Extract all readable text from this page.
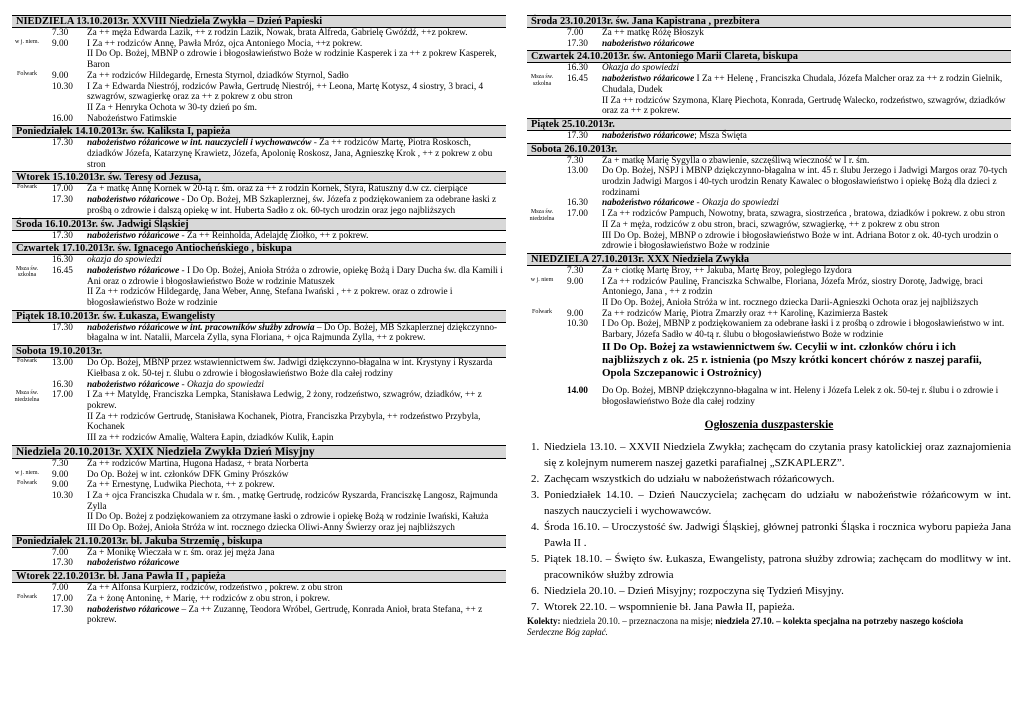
NIEDZIELA 13.10.2013r. XXVIII Niedziela Zwykła – Dzień Papieski
7.30	Za ++ męża Edwarda Lazik, ++ z rodzin Lazik, Nowak, brata Alfreda, Gabrielę Gwóźdź, ++z pokrew.
w j. niem.	9.00	I Za ++ rodziców Annę, Pawła Mróz, ojca Antoniego Mocia, ++z pokrew.
II Do Op. Bożej, MBNP o zdrowie i błogosławieństwo Boże w rodzinie Kasperek i za ++ z pokrew Kasperek, Baron
Folwark	9.00	Za ++ rodziców Hildegardę, Ernesta Styrnol, dziadków Styrnol, Sadło
10.30	I Za + Edwarda Niestrój, rodziców Pawła, Gertrudę Niestrój, ++ Leona, Martę Kotysz, 4 siostry, 3 braci, 4 szwagrów, szwagierkę oraz za ++ z pokrew z obu stron
II Za + Henryka Ochota w 30-ty dzień po śm.
16.00	Nabożeństwo Fatimskie
Poniedziałek 14.10.2013r. św. Kaliksta I, papieża
17.30	nabożeństwo różańcowe w int. nauczycieli i wychowawców - Za ++ rodziców Martę, Piotra Roskosch, dziadków Józefa, Katarzynę Krawietz, Józefa, Apolonię Roskosz, Jana, Agnieszkę Krok , ++ z pokrew z obu stron
Wtorek 15.10.2013r. św. Teresy od Jezusa,
Folwark	17.00	Za + matkę Annę Kornek w 20-tą r. śm. oraz za ++ z rodzin Kornek, Styra, Ratuszny d.w cz. cierpiące
17.30	nabożeństwo różańcowe - Do Op. Bożej, MB Szkaplerznej, św. Józefa z podziękowaniem za odebrane łaski z prośbą o zdrowie i dalszą opiekę w int. Huberta Sadło z ok. 60-tych urodzin oraz jego najbliższych
Środa 16.10.2013r. św. Jadwigi Śląskiej
17.30	nabożeństwo różańcowe - Za ++ Reinholda, Adelajdę Ziołko, ++ z pokrew.
Czwartek 17.10.2013r. św. Ignacego Antiocheńskiego , biskupa
16.30	okazja do spowiedzi
Msza św. szkolna	16.45	nabożeństwo różańcowe - I Do Op. Bożej, Anioła Stróża o zdrowie, opiekę Bożą i Dary Ducha św. dla Kamili i Ani oraz o zdrowie i błogosławieństwo Boże w rodzinie Matuszek
II Za ++ rodziców Hildegardę, Jana Weber, Annę, Stefana Iwański , ++ z pokrew. oraz o zdrowie i błogosławieństwo Boże w rodzinie
Piątek 18.10.2013r. św. Łukasza, Ewangelisty
17.30	nabożeństwo różańcowe w int. pracowników służby zdrowia – Do Op. Bożej, MB Szkaplerznej dziękczynno-błagalna w int. Natalii, Marcela Zylla, syna Floriana, + ojca Rajmunda Zylla, ++ z pokrew.
Sobota 19.10.2013r.
Folwark	13.00	Do Op. Bożej, MBNP przez wstawiennictwem św. Jadwigi dziękczynno-błagalna w int. Krystyny i Ryszarda Kiełbasa z ok. 50-tej r. ślubu o zdrowie i błogosławieństwo Boże dla całej rodziny
16.30	nabożeństwo różańcowe - Okazja do spowiedzi
Msza św. niedzielna	17.00	I Za ++ Matyldę, Franciszka Lempka, Stanisława Ledwig, 2 żony, rodzeństwo, szwagrów, dziadków, ++ z pokrew.
II Za ++ rodziców Gertrudę, Stanisława Kochanek, Piotra, Franciszka Przybyla, ++ rodzeństwo Przybyla, Kochanek
III za ++ rodziców Amalię, Waltera Łapin, dziadków Kulik, Łapin
Niedziela 20.10.2013r. XXIX Niedziela Zwykła Dzień Misyjny
7.30	Za ++ rodziców Martina, Hugona Hadasz, + brata Norberta
w j. niem.	9.00	Do Op. Bożej w int. członków DFK Gminy Prószków
Folwark	9.00	Za ++ Ernestynę, Ludwika Piechota, ++ z pokrew.
10.30	I Za + ojca Franciszka Chudala w r. śm. , matkę Gertrudę, rodziców Ryszarda, Franciszkę Langosz, Rajmunda Zylla
II Do Op. Bożej z podziękowaniem za otrzymane łaski o zdrowie i opiekę Bożą w rodzinie Iwański, Kałuża
III Do Op. Bożej, Anioła Stróża w int. rocznego dziecka Oliwi-Anny Świerzy oraz jej najbliższych
Poniedziałek 21.10.2013r. bł. Jakuba Strzemię , biskupa
7.00	Za + Monikę Wieczała w r. śm. oraz jej męża Jana
17.30	nabożeństwo różańcowe
Wtorek 22.10.2013r. bł. Jana Pawła II , papieża
7.00	Za ++ Alfonsa Kurpierz, rodziców, rodzeństwo , pokrew. z obu stron
Folwark	17.00	Za + żonę Antoninę, + Marię, ++ rodziców z obu stron, i pokrew.
17.30	nabożeństwo różańcowe – Za ++ Zuzannę, Teodora Wróbel, Gertrudę, Konrada Anioł, brata Stefana, ++ z pokrew.
Środa 23.10.2013r. św. Jana Kapistrana , prezbitera
7.00	Za ++ matkę Różę Błoszyk
17.30	nabożeństwo różańcowe
Czwartek 24.10.2013r. św. Antoniego Marii Clareta, biskupa
16.30	Okazja do spowiedzi
Msza św. szkolna	16.45	nabożeństwo różańcowe I Za ++ Helenę , Franciszka Chudala, Józefa Malcher oraz za ++ z rodzin Gielnik, Chudala, Dudek
II Za ++ rodziców Szymona, Klarę Piechota, Konrada, Gertrudę Walecko, rodzeństwo, szwagrów, dziadków oraz za ++ z pokrew.
Piątek 25.10.2013r.
17.30	nabożeństwo różańcowe; Msza Święta
Sobota 26.10.2013r.
7.30	Za + matkę Marię Sygylla o zbawienie, szczęśliwą wieczność w I r. śm.
13.00	Do Op. Bożej, NSPJ i MBNP dziękczynno-błagalna w int. 45 r. ślubu Jerzego i Jadwigi Margos oraz 70-tych urodzin Jadwigi Margos i 40-tych urodzin Renaty Kawalec o błogosławieństwo i opiekę Bożą dla dzieci z rodzinami
16.30	nabożeństwo różańcowe - Okazja do spowiedzi
Msza św. niedzielna	17.00	I Za ++ rodziców Pampuch, Nowotny, brata, szwagra, siostrzeńca , bratowa, dziadków i pokrew. z obu stron
II Za + męża, rodziców z obu stron, braci, szwagrów, szwagierkę, ++ z pokrew z obu stron
III Do Op. Bożej, MBNP o zdrowie i błogosławieństwo Boże w int. Adriana Botor z ok. 40-tych urodzin o zdrowie i błogosławieństwo Boże w rodzinie
NIEDZIELA 27.10.2013r. XXX Niedziela Zwykła
7.30	Za + ciotkę Martę Broy, ++ Jakuba, Martę Broy, poległego Izydora
w j. niem	9.00	I Za ++ rodziców Paulinę, Franciszka Schwalbe, Floriana, Józefa Mróz, siostry Dorotę, Jadwigę, braci Antoniego, Jana , ++ z rodzin
II Do Op. Bożej, Anioła Stróża w int. rocznego dziecka Darii-Agnieszki Ochota oraz jej najbliższych
Folwark	9.00	Za ++ rodziców Marię, Piotra Zmarzły oraz ++ Karolinę, Kazimierza Bastek
10.30	I Do Op. Bożej, MBNP z podziękowaniem za odebrane łaski i z prośbą o zdrowie i błogosławieństwo w int. Barbary, Józefa Sadło w 40-tą r. ślubu o błogosławieństwo Boże w rodzinie
II Do Op. Bożej za wstawiennictwem św. Cecylii w int. członków chóru i ich najbliższych z ok. 25 r. istnienia (po Mszy krótki koncert chórów z naszej parafii, Opola Szczepanowic i Ostrożnicy)
14.00	Do Op. Bożej, MBNP dziękczynno-błagalna w int. Heleny i Józefa Lelek z ok. 50-tej r. ślubu i o zdrowie i błogosławieństwo Boże dla całej rodziny
Ogłoszenia duszpasterskie
1. Niedziela 13.10. – XXVII Niedziela Zwykła; zachęcam do czytania prasy katolickiej oraz zaznajomienia się z kolejnym numerem naszej gazetki parafialnej „SZKAPLERZ”.
2. Zachęcam wszystkich do udziału w nabożeństwach różańcowych.
3. Poniedziałek 14.10. – Dzień Nauczyciela; zachęcam do udziału w nabożeństwie różańcowym w int. naszych nauczycieli i wychowawców.
4. Środa 16.10. – Uroczystość św. Jadwigi Śląskiej, głównej patronki Śląska i rocznica wyboru papieża Jana Pawła II .
5. Piątek 18.10. – Święto św. Łukasza, Ewangelisty, patrona służby zdrowia; zachęcam do modlitwy w int. pracowników służby zdrowia
6. Niedziela 20.10. – Dzień Misyjny; rozpoczyna się Tydzień Misyjny.
7. Wtorek 22.10. – wspomnienie bł. Jana Pawła II, papieża.
Kolekty: niedziela 20.10. – przeznaczona na misje; niedziela 27.10. – kolekta specjalna na potrzeby naszego kościoła
Serdeczne Bóg zapłać.
